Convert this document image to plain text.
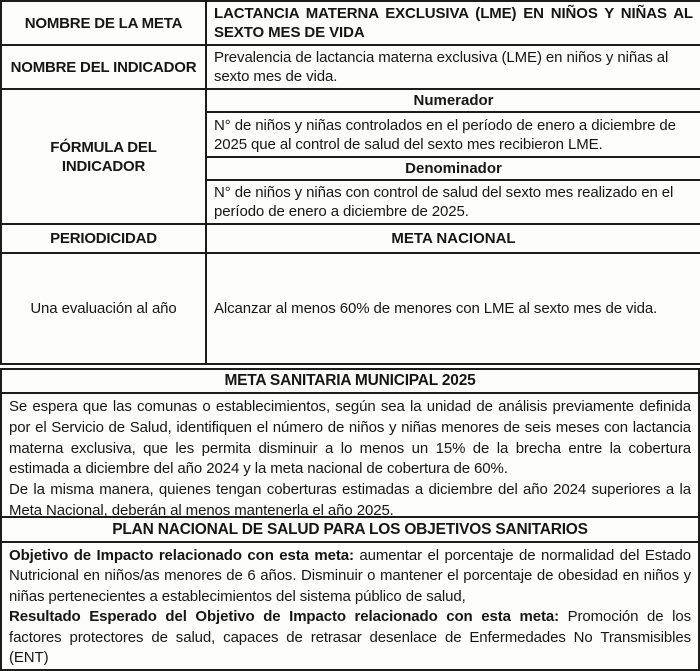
NOMBRE DE LA META	LACTANCIA MATERNA EXCLUSIVA (LME) EN NIÑOS Y NIÑAS AL SEXTO MES DE VIDA
NOMBRE DEL INDICADOR	Prevalencia de lactancia materna exclusiva (LME) en niños y niñas al sexto mes de vida.
FÓRMULA DEL INDICADOR	Numerador
	N° de niños y niñas controlados en el período de enero a diciembre de 2025 que al control de salud del sexto mes recibieron LME.
	Denominador
	N° de niños y niñas con control de salud del sexto mes realizado en el período de enero a diciembre de 2025.
PERIODICIDAD	META NACIONAL
Una evaluación al año	Alcanzar al menos 60% de menores con LME al sexto mes de vida.
META SANITARIA MUNICIPAL 2025

Se espera que las comunas o establecimientos, según sea la unidad de análisis previamente definida por el Servicio de Salud, identifiquen el número de niños y niñas menores de seis meses con lactancia materna exclusiva, que les permita disminuir a lo menos un 15% de la brecha entre la cobertura estimada a diciembre del año 2024 y la meta nacional de cobertura de 60%.

De la misma manera, quienes tengan coberturas estimadas a diciembre del año 2024 superiores a la Meta Nacional, deberán al menos mantenerla el año 2025.

PLAN NACIONAL DE SALUD PARA LOS OBJETIVOS SANITARIOS

Objetivo de Impacto relacionado con esta meta: aumentar el porcentaje de normalidad del Estado Nutricional en niños/as menores de 6 años. Disminuir o mantener el porcentaje de obesidad en niños y niñas pertenecientes a establecimientos del sistema público de salud,

Resultado Esperado del Objetivo de Impacto relacionado con esta meta: Promoción de los factores protectores de salud, capaces de retrasar desenlace de Enfermedades No Transmisibles (ENT)
